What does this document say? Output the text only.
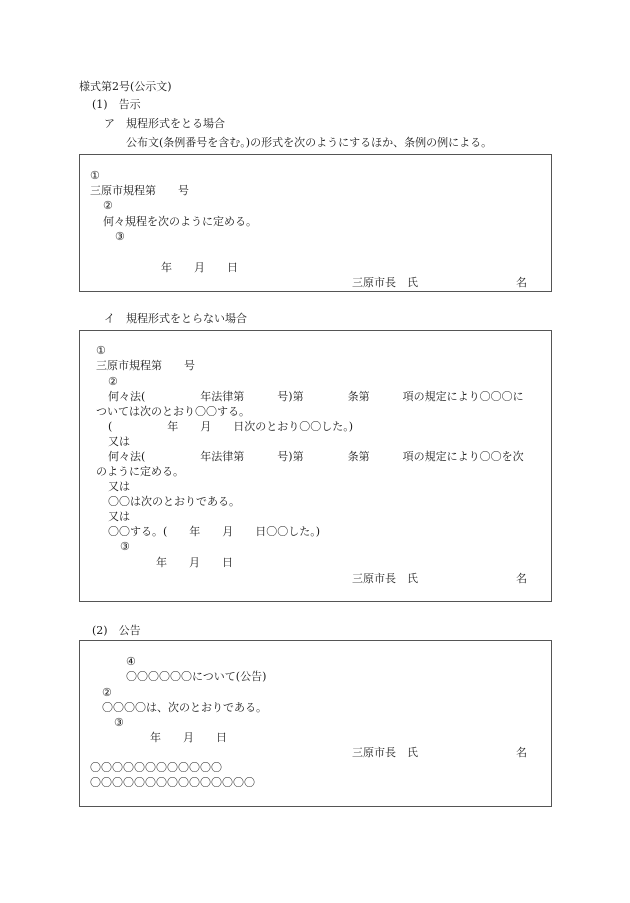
様式第2号(公示文)
(1)　告示
ア　規程形式をとる場合
公布文(条例番号を含む。)の形式を次のようにするほか、条例の例による。
①
三原市規程第　　号
②
何々規程を次のように定める。
③
年　　月　　日
三原市長　氏	名
イ　規程形式をとらない場合
①
三原市規程第　　号
②
何々法(　　　　　年法律第　　　号)第　　　　条第　　　項の規定により〇〇〇に
ついては次のとおり〇〇する。
(　　　　　年　　月　　日次のとおり〇〇した。)
又は
何々法(　　　　　年法律第　　　号)第　　　　条第　　　項の規定により〇〇を次
のように定める。
又は
〇〇は次のとおりである。
又は
〇〇する。(　　年　　月　　日〇〇した。)
③
年　　月　　日
三原市長　氏	名
(2)　公告
④
〇〇〇〇〇〇について(公告)
②
〇〇〇〇は、次のとおりである。
③
年　　月　　日
三原市長　氏	名
〇〇〇〇〇〇〇〇〇〇〇〇
〇〇〇〇〇〇〇〇〇〇〇〇〇〇〇
